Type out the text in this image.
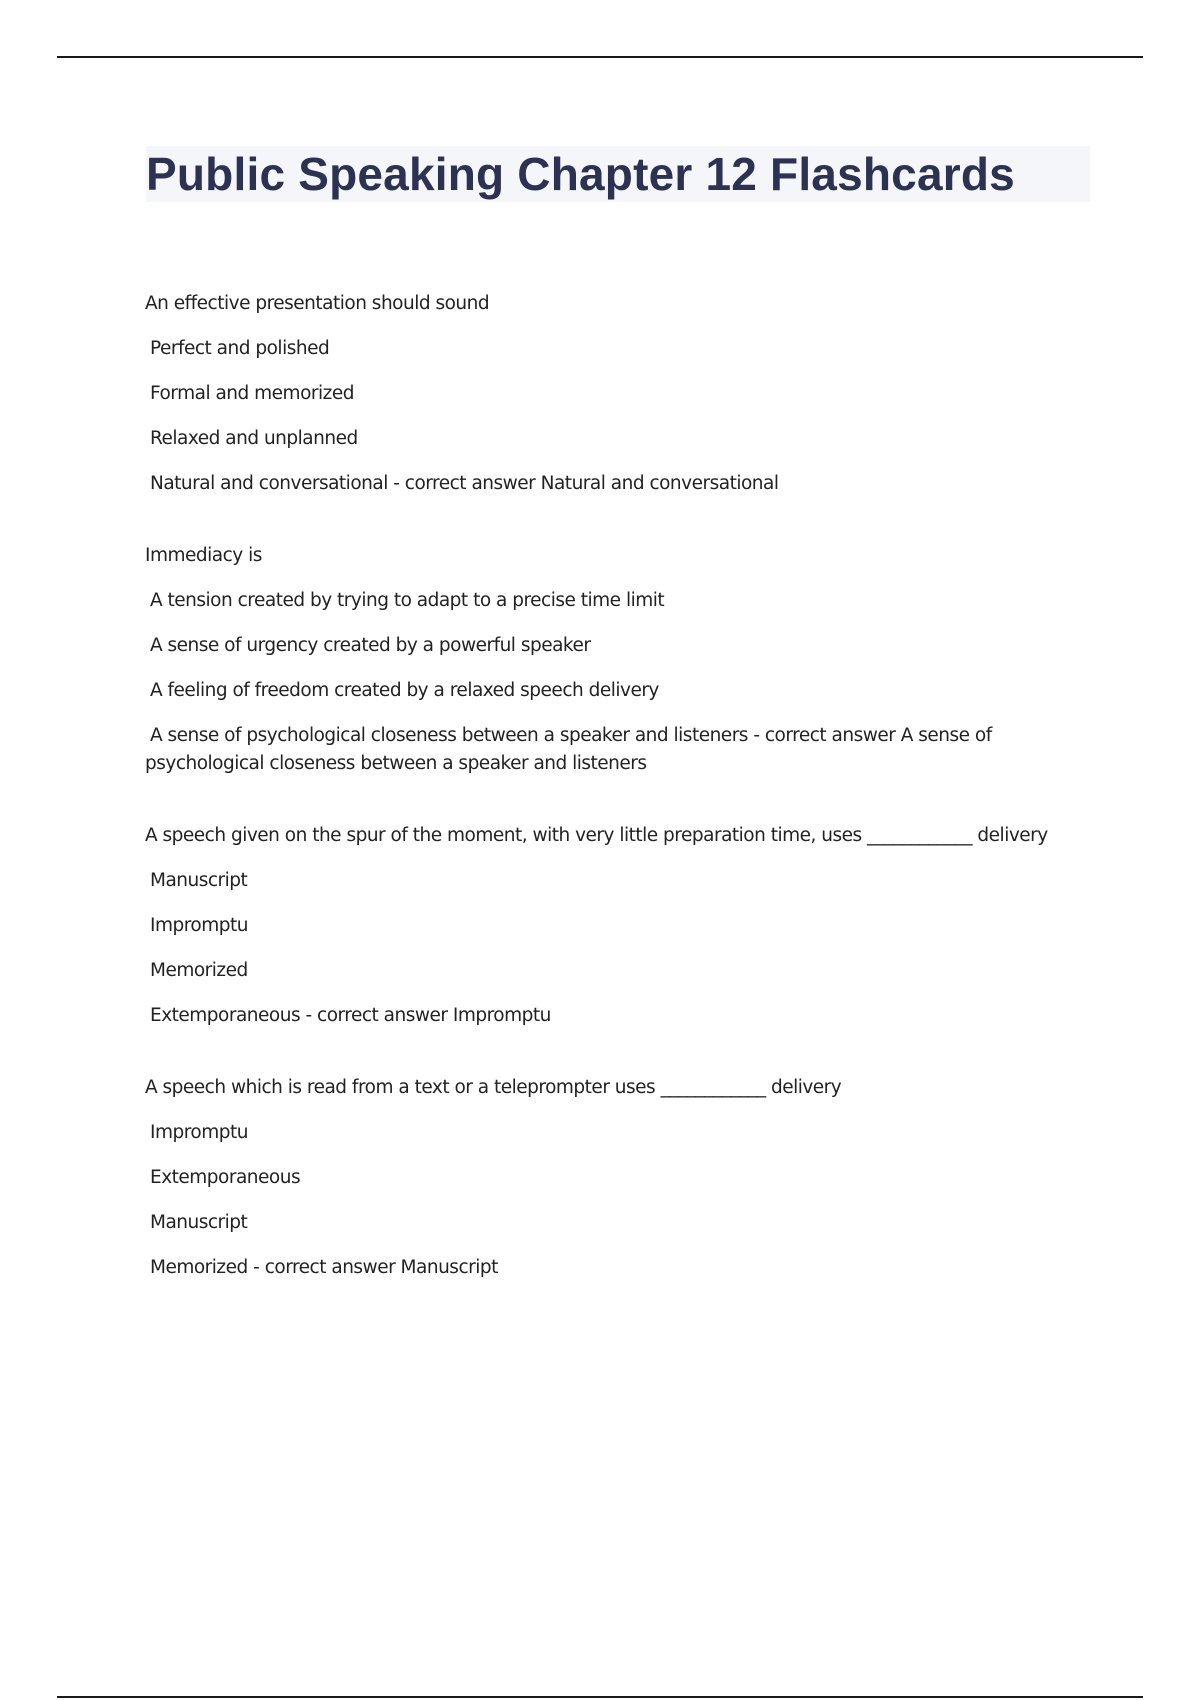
Public Speaking Chapter 12 Flashcards

An effective presentation should sound

Perfect and polished

Formal and memorized

Relaxed and unplanned

Natural and conversational - correct answer Natural and conversational

Immediacy is

A tension created by trying to adapt to a precise time limit

A sense of urgency created by a powerful speaker

A feeling of freedom created by a relaxed speech delivery

A sense of psychological closeness between a speaker and listeners - correct answer A sense of psychological closeness between a speaker and listeners

A speech given on the spur of the moment, with very little preparation time, uses ____________ delivery

Manuscript

Impromptu

Memorized

Extemporaneous - correct answer Impromptu

A speech which is read from a text or a teleprompter uses ____________ delivery

Impromptu

Extemporaneous

Manuscript

Memorized - correct answer Manuscript
